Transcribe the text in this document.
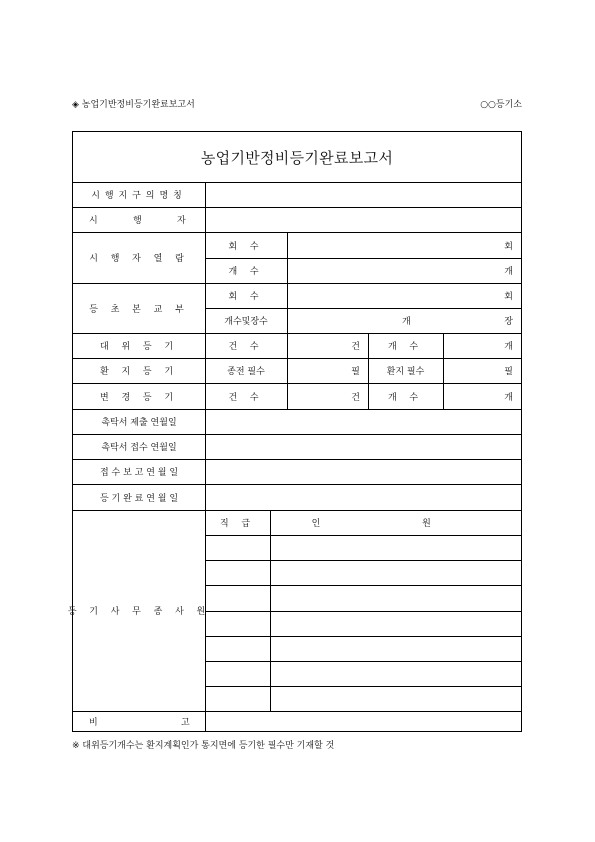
◈ 농업기반정비등기완료보고서	○○등기소
농업기반정비등기완료보고서
시행지구의명칭
시	행	자
시 행 자 열 람
회 수	회
개 수	개
등 초 본 교 부
회 수	회
개수및장수	개	장
대 위 등 기	건 수	건	개 수	개
환 지 등 기	종전 필수	필	환지 필수	필
변 경 등 기	건 수	건	개 수	개
촉탁서 제출 연월일
촉탁서 접수 연월일
접 수 보 고 연 월 일
등 기 완 료 연 월 일
등 기 사 무 종 사 원
직 급	인 원
비	고
※ 대위등기개수는 환지계획인가 통지면에 등기한 필수만 기재할 것
